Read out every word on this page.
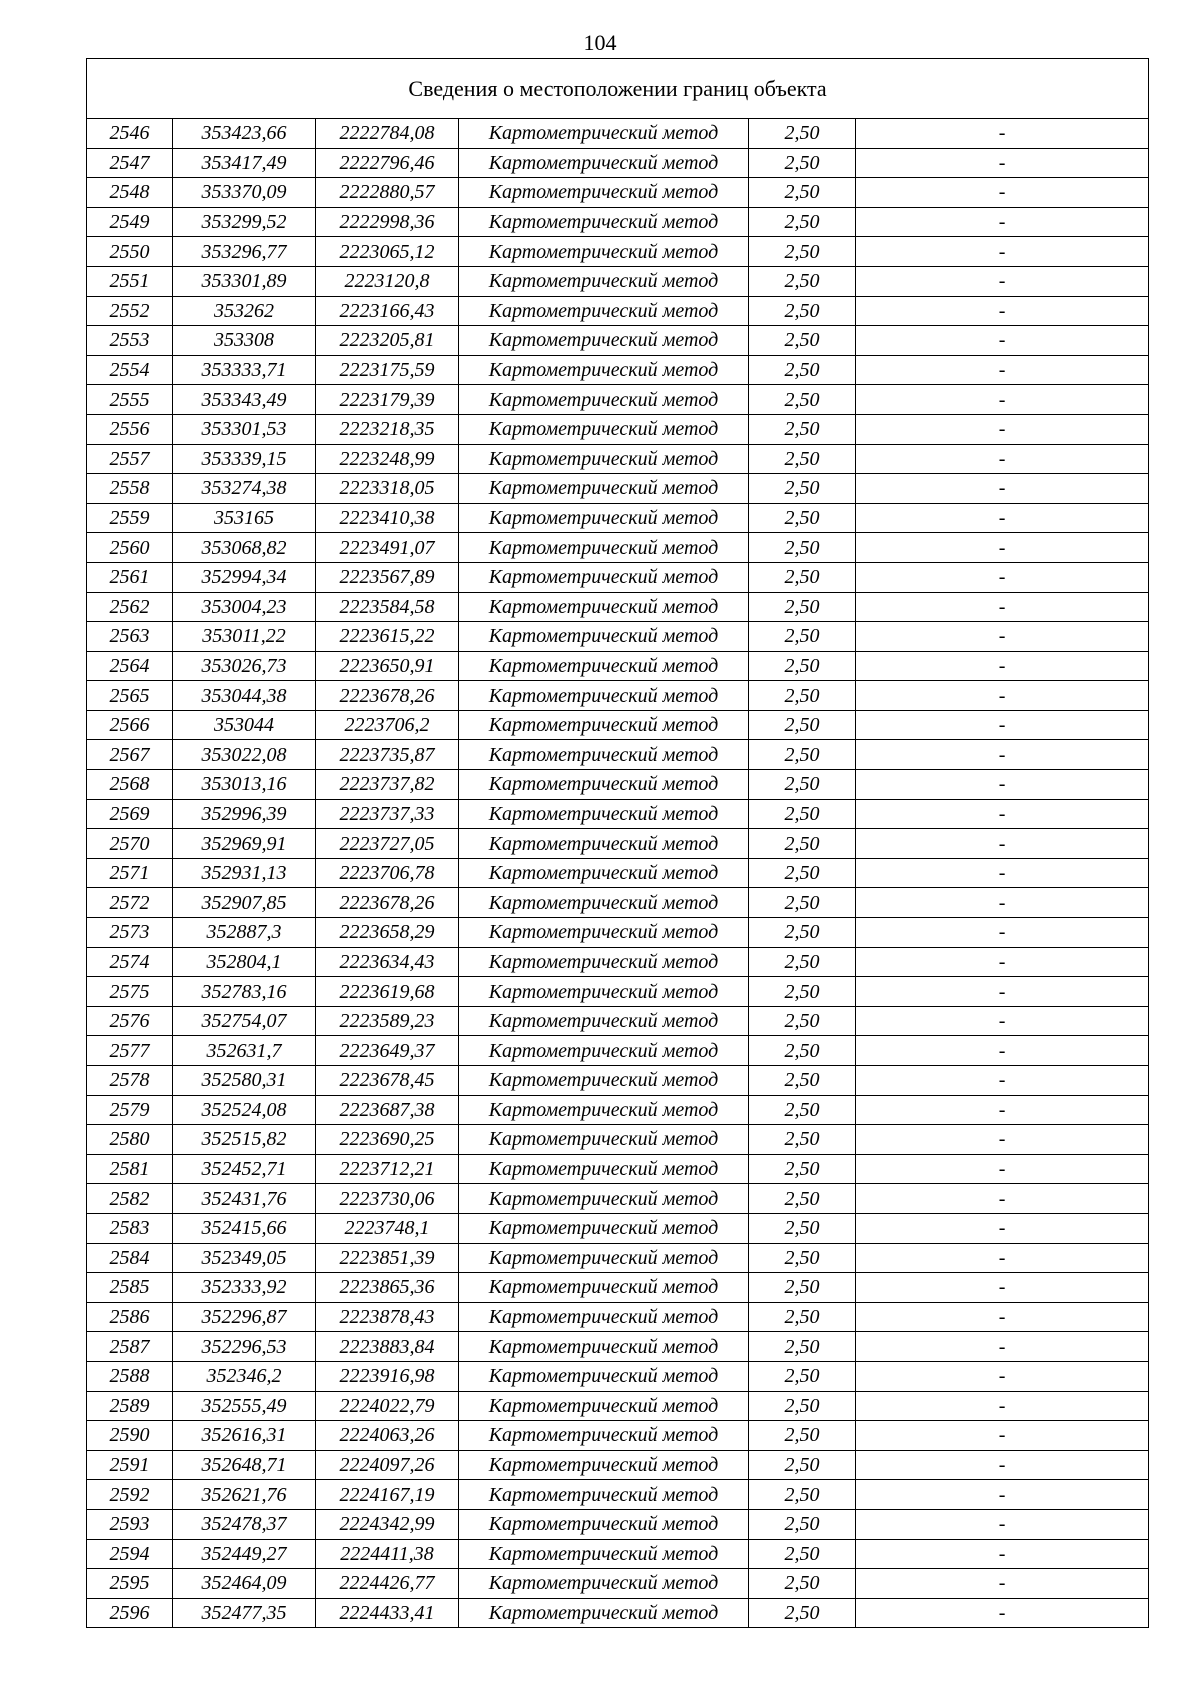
104
Сведения о местоположении границ объекта					
2546	353423,66	2222784,08	Картометрический метод	2,50	-
2547	353417,49	2222796,46	Картометрический метод	2,50	-
2548	353370,09	2222880,57	Картометрический метод	2,50	-
2549	353299,52	2222998,36	Картометрический метод	2,50	-
2550	353296,77	2223065,12	Картометрический метод	2,50	-
2551	353301,89	2223120,8	Картометрический метод	2,50	-
2552	353262	2223166,43	Картометрический метод	2,50	-
2553	353308	2223205,81	Картометрический метод	2,50	-
2554	353333,71	2223175,59	Картометрический метод	2,50	-
2555	353343,49	2223179,39	Картометрический метод	2,50	-
2556	353301,53	2223218,35	Картометрический метод	2,50	-
2557	353339,15	2223248,99	Картометрический метод	2,50	-
2558	353274,38	2223318,05	Картометрический метод	2,50	-
2559	353165	2223410,38	Картометрический метод	2,50	-
2560	353068,82	2223491,07	Картометрический метод	2,50	-
2561	352994,34	2223567,89	Картометрический метод	2,50	-
2562	353004,23	2223584,58	Картометрический метод	2,50	-
2563	353011,22	2223615,22	Картометрический метод	2,50	-
2564	353026,73	2223650,91	Картометрический метод	2,50	-
2565	353044,38	2223678,26	Картометрический метод	2,50	-
2566	353044	2223706,2	Картометрический метод	2,50	-
2567	353022,08	2223735,87	Картометрический метод	2,50	-
2568	353013,16	2223737,82	Картометрический метод	2,50	-
2569	352996,39	2223737,33	Картометрический метод	2,50	-
2570	352969,91	2223727,05	Картометрический метод	2,50	-
2571	352931,13	2223706,78	Картометрический метод	2,50	-
2572	352907,85	2223678,26	Картометрический метод	2,50	-
2573	352887,3	2223658,29	Картометрический метод	2,50	-
2574	352804,1	2223634,43	Картометрический метод	2,50	-
2575	352783,16	2223619,68	Картометрический метод	2,50	-
2576	352754,07	2223589,23	Картометрический метод	2,50	-
2577	352631,7	2223649,37	Картометрический метод	2,50	-
2578	352580,31	2223678,45	Картометрический метод	2,50	-
2579	352524,08	2223687,38	Картометрический метод	2,50	-
2580	352515,82	2223690,25	Картометрический метод	2,50	-
2581	352452,71	2223712,21	Картометрический метод	2,50	-
2582	352431,76	2223730,06	Картометрический метод	2,50	-
2583	352415,66	2223748,1	Картометрический метод	2,50	-
2584	352349,05	2223851,39	Картометрический метод	2,50	-
2585	352333,92	2223865,36	Картометрический метод	2,50	-
2586	352296,87	2223878,43	Картометрический метод	2,50	-
2587	352296,53	2223883,84	Картометрический метод	2,50	-
2588	352346,2	2223916,98	Картометрический метод	2,50	-
2589	352555,49	2224022,79	Картометрический метод	2,50	-
2590	352616,31	2224063,26	Картометрический метод	2,50	-
2591	352648,71	2224097,26	Картометрический метод	2,50	-
2592	352621,76	2224167,19	Картометрический метод	2,50	-
2593	352478,37	2224342,99	Картометрический метод	2,50	-
2594	352449,27	2224411,38	Картометрический метод	2,50	-
2595	352464,09	2224426,77	Картометрический метод	2,50	-
2596	352477,35	2224433,41	Картометрический метод	2,50	-
